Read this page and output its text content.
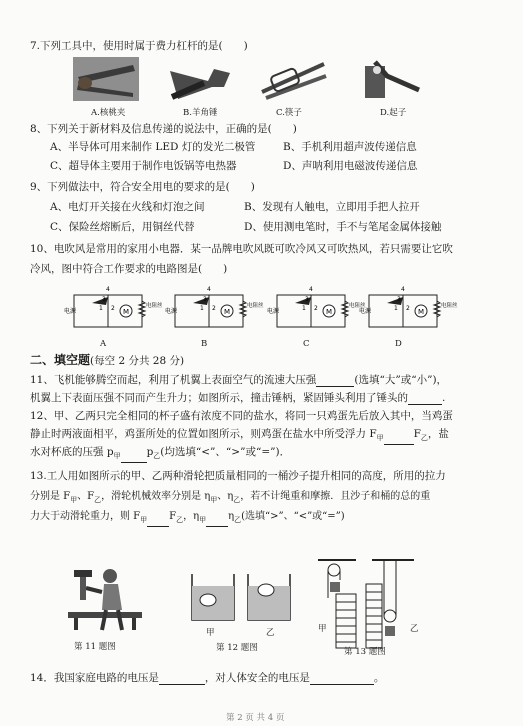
7.下列工具中，使用时属于费力杠杆的是(　　)
A.核桃夹	B.羊角锤	C.筷子	D.起子
8、下列关于新材料及信息传递的说法中，正确的是(　　)
A、半导体可用来制作 LED 灯的发光二极管	B、手机利用超声波传递信息
C、超导体主要用于制作电饭锅等电热器	D、声呐利用电磁波传递信息
9、下列做法中，符合安全用电的要求的是(　　)
A、电灯开关接在火线和灯泡之间	B、发现有人触电，立即用手把人拉开
C、保险丝熔断后，用铜丝代替	D、使用测电笔时，手不与笔尾金属体接触
10、电吹风是常用的家用小电器．某一品牌电吹风既可吹冷风又可吹热风，若只需要让它吹
冷风，图中符合工作要求的电路图是(　　)
电源	M
电阻丝
4
1 2
3
A
电源	M
电阻丝
4
1 2
3
B
电源	M
电阻丝
4
1 2
3
C
电源	M
电阻丝
4
1 2
3
D
二、填空题(每空 2 分共 28 分)
11、飞机能够腾空而起，利用了机翼上表面空气的流速大压强	(选填“大”或“小”)，
机翼上下表面压强不同而产生升力；如图所示，撞击锤柄，紧固锤头利用了锤头的	.
12、甲、乙两只完全相同的杯子盛有浓度不同的盐水，将同一只鸡蛋先后放入其中，当鸡蛋
静止时两液面相平，鸡蛋所处的位置如图所示，则鸡蛋在盐水中所受浮力 $F_甲$	$F_乙$，盐
水对杯底的压强 $p_甲$ $p_乙$(均选填“<”、“>”或“=”)．
13.工人用如图所示的甲、乙两种滑轮把质量相同的一桶沙子提升相同的高度，所用的拉力
分别是 $F_甲$、$F_乙$，滑轮机械效率分别是 $\eta_甲$、$\eta_乙$，若不计绳重和摩擦．且沙子和桶的总的重
力大于动滑轮重力，则 $F_甲$ $F_乙$，$\eta_甲$ $\eta_乙$(选填“>”、“<”或“=”)
第 11 题图
甲	乙
第 12 题图
甲	乙
第 13 题图
14．我国家庭电路的电压是	，对人体安全的电压是	。
第 2 页 共 4 页
